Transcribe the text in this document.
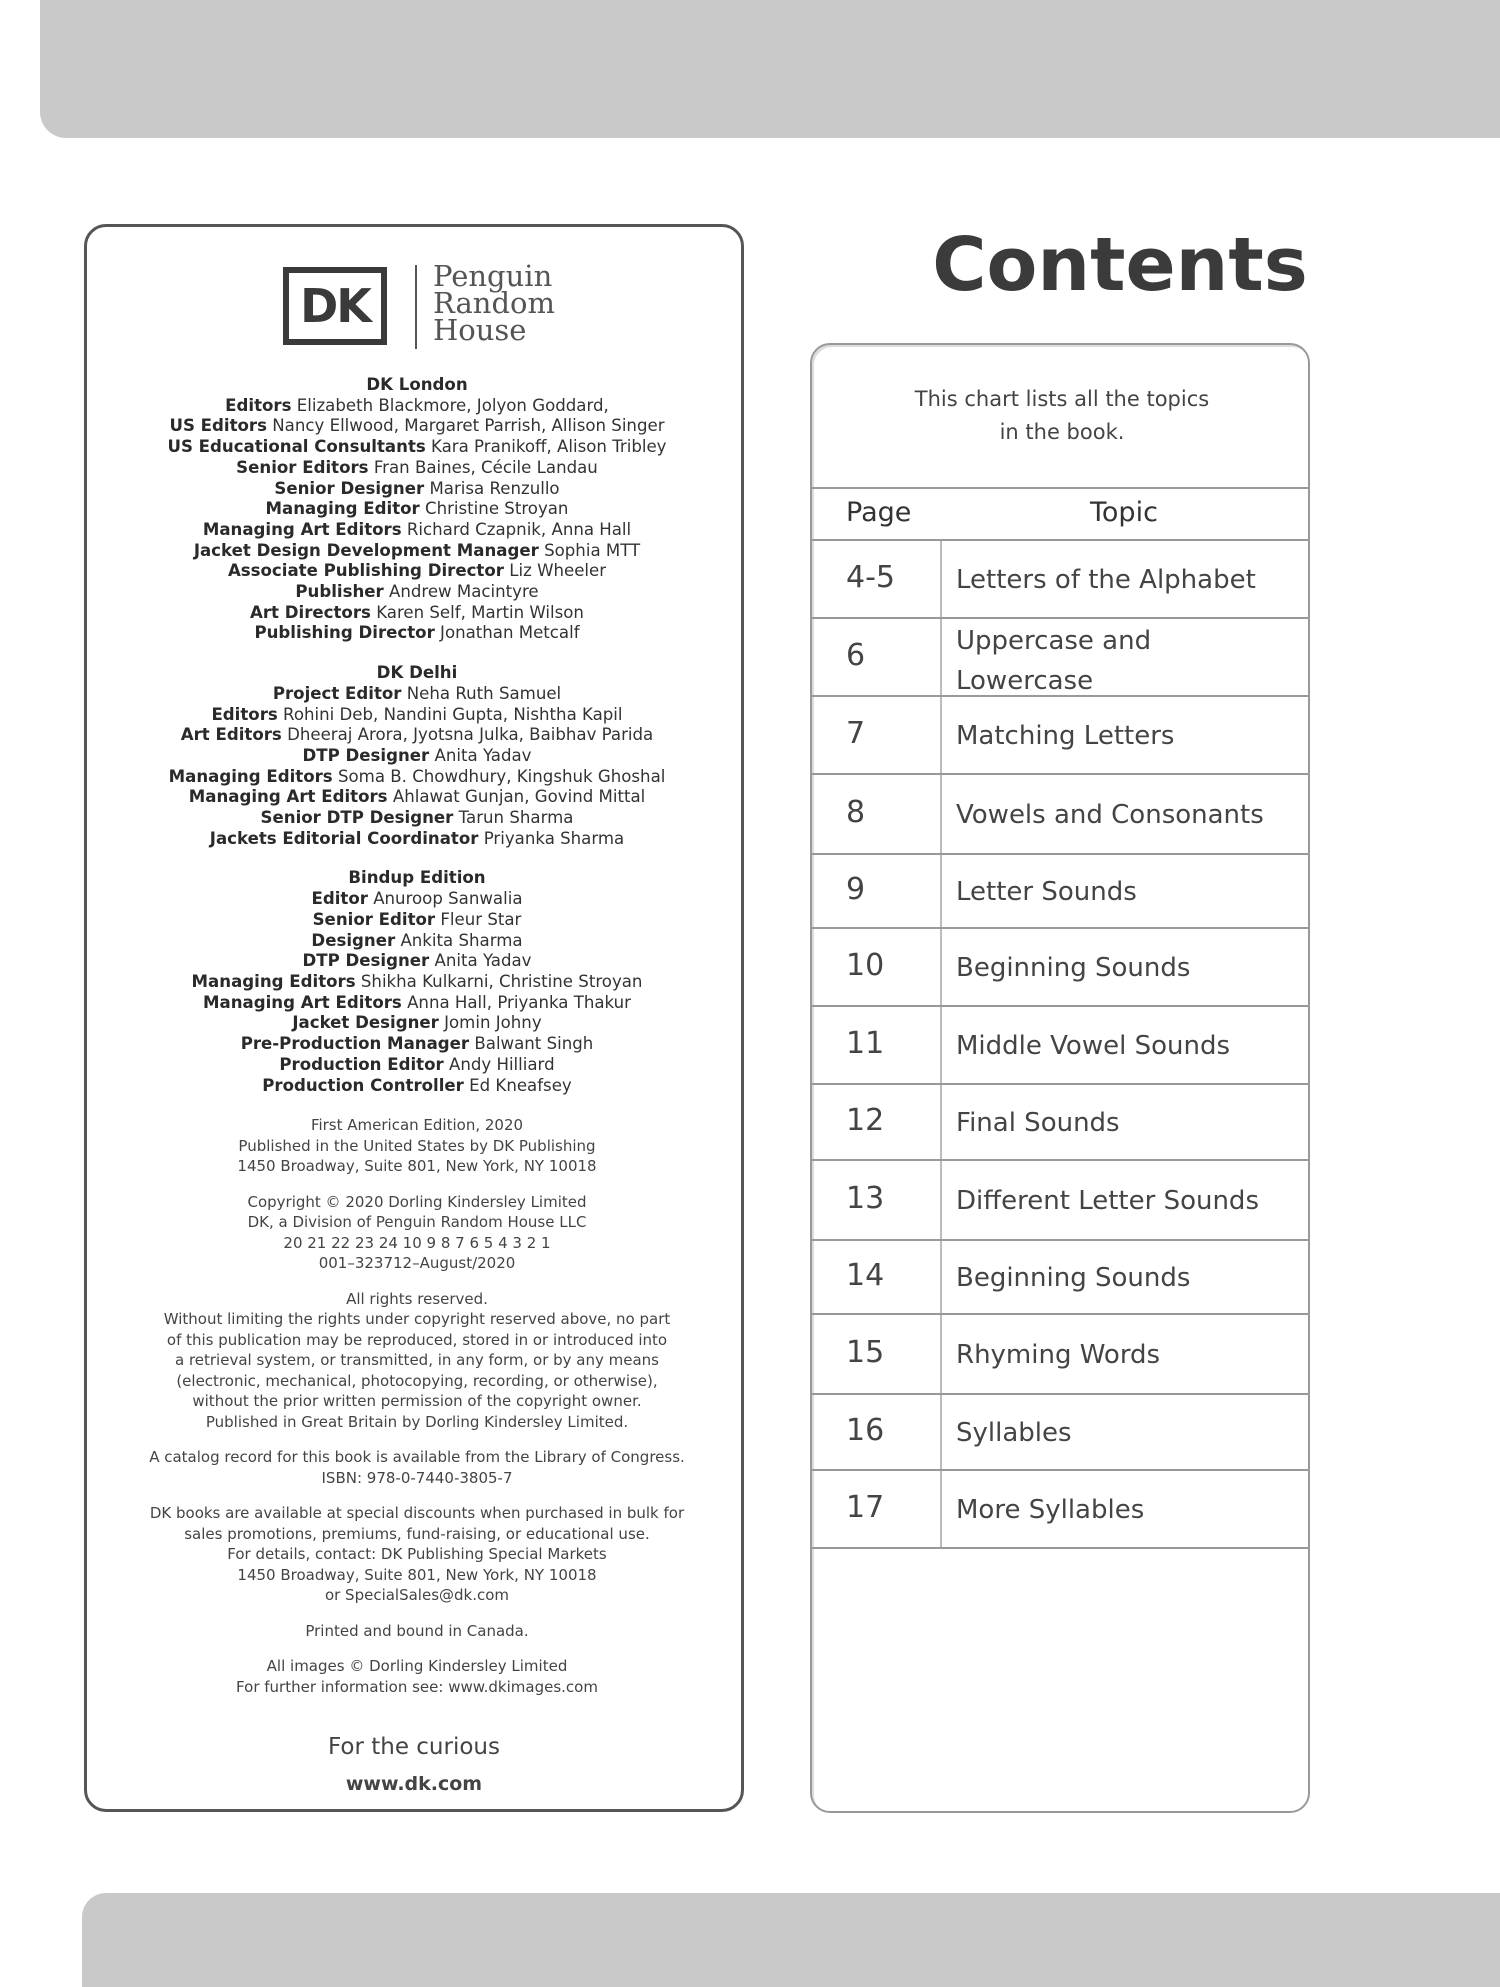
DK
Penguin
Random
House
DK London
Editors Elizabeth Blackmore, Jolyon Goddard,
US Editors Nancy Ellwood, Margaret Parrish, Allison Singer
US Educational Consultants Kara Pranikoff, Alison Tribley
Senior Editors Fran Baines, Cécile Landau
Senior Designer Marisa Renzullo
Managing Editor Christine Stroyan
Managing Art Editors Richard Czapnik, Anna Hall
Jacket Design Development Manager Sophia MTT
Associate Publishing Director Liz Wheeler
Publisher Andrew Macintyre
Art Directors Karen Self, Martin Wilson
Publishing Director Jonathan Metcalf
DK Delhi
Project Editor Neha Ruth Samuel
Editors Rohini Deb, Nandini Gupta, Nishtha Kapil
Art Editors Dheeraj Arora, Jyotsna Julka, Baibhav Parida
DTP Designer Anita Yadav
Managing Editors Soma B. Chowdhury, Kingshuk Ghoshal
Managing Art Editors Ahlawat Gunjan, Govind Mittal
Senior DTP Designer Tarun Sharma
Jackets Editorial Coordinator Priyanka Sharma
Bindup Edition
Editor Anuroop Sanwalia
Senior Editor Fleur Star
Designer Ankita Sharma
DTP Designer Anita Yadav
Managing Editors Shikha Kulkarni, Christine Stroyan
Managing Art Editors Anna Hall, Priyanka Thakur
Jacket Designer Jomin Johny
Pre-Production Manager Balwant Singh
Production Editor Andy Hilliard
Production Controller Ed Kneafsey
First American Edition, 2020
Published in the United States by DK Publishing
1450 Broadway, Suite 801, New York, NY 10018
Copyright © 2020 Dorling Kindersley Limited
DK, a Division of Penguin Random House LLC
20 21 22 23 24 10 9 8 7 6 5 4 3 2 1
001–323712–August/2020
All rights reserved.
Without limiting the rights under copyright reserved above, no part
of this publication may be reproduced, stored in or introduced into
a retrieval system, or transmitted, in any form, or by any means
(electronic, mechanical, photocopying, recording, or otherwise),
without the prior written permission of the copyright owner.
Published in Great Britain by Dorling Kindersley Limited.
A catalog record for this book is available from the Library of Congress.
ISBN: 978-0-7440-3805-7
DK books are available at special discounts when purchased in bulk for
sales promotions, premiums, fund-raising, or educational use.
For details, contact: DK Publishing Special Markets
1450 Broadway, Suite 801, New York, NY 10018
or SpecialSales@dk.com
Printed and bound in Canada.
All images © Dorling Kindersley Limited
For further information see: www.dkimages.com
For the curious
www.dk.com
Contents
This chart lists all the topics
in the book.
Page	Topic
4-5 Letters of the Alphabet
6	Uppercase and Lowercase
7	Matching Letters
8	Vowels and Consonants
9	Letter Sounds
10	Beginning Sounds
11	Middle Vowel Sounds
12	Final Sounds
13	Different Letter Sounds
14	Beginning Sounds
15	Rhyming Words
16	Syllables
17	More Syllables
